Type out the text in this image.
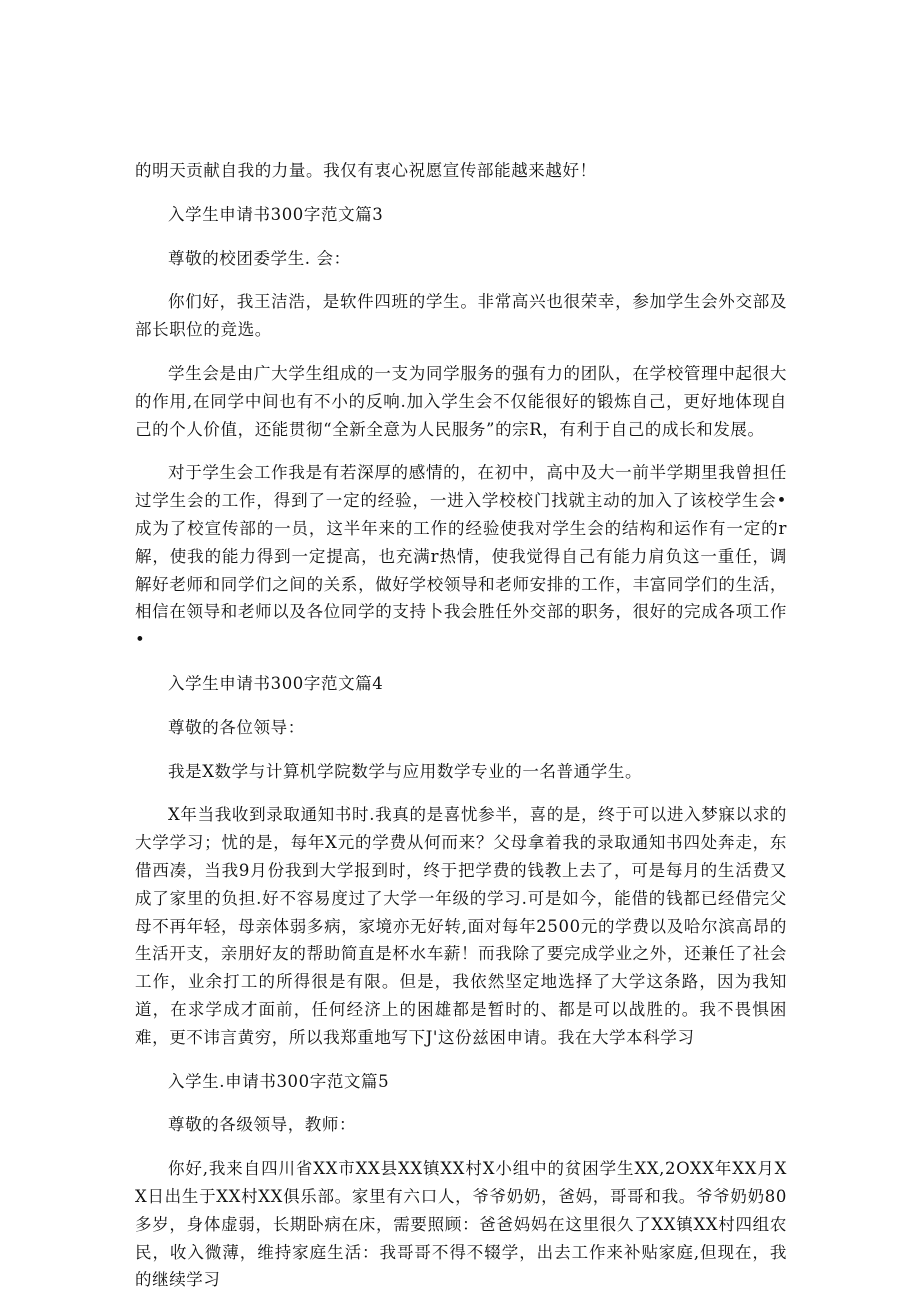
的明天贡献自我的力量。我仅有衷心祝愿宣传部能越来越好！

入学生申请书300字范文篇3

尊敬的校团委学生. 会：

你们好，我王洁浩，是软件四班的学生。非常高兴也很荣幸，参加学生会外交部及部长职位的竞选。

学生会是由广大学生组成的一支为同学服务的强有力的团队，在学校管理中起很大的作用,在同学中间也有不小的反响.加入学生会不仅能很好的锻炼自己，更好地体现自己的个人价值，还能贯彻“全新全意为人民服务”的宗R，有利于自己的成长和发展。

对于学生会工作我是有若深厚的感情的，在初中，高中及大一前半学期里我曾担任过学生会的工作，得到了一定的经验，一进入学校校门找就主动的加入了该校学生会•成为了校宣传部的一员，这半年来的工作的经验使我对学生会的结构和运作有一定的r解，使我的能力得到一定提高，也充满r热情，使我觉得自己有能力肩负这一重任，调解好老师和同学们之间的关系，做好学校领导和老师安排的工作，丰富同学们的生活，相信在领导和老师以及各位同学的支持卜我会胜任外交部的职务，很好的完成各项工作•

入学生申请书300字范文篇4

尊敬的各位领导：

我是X数学与计算机学院数学与应用数学专业的一名普通学生。

X年当我收到录取通知书时.我真的是喜忧参半，喜的是，终于可以进入梦寐以求的大学学习；忧的是，每年X元的学费从何而来？父母拿着我的录取通知书四处奔走，东借西凑，当我9月份我到大学报到时，终于把学费的钱教上去了，可是每月的生活费又成了家里的负担.好不容易度过了大学一年级的学习.可是如今，能借的钱都已经借完父母不再年轻，母亲体弱多病，家境亦无好转,面对每年2500元的学费以及哈尔滨高昂的生活开支，亲朋好友的帮助简直是杯水车薪！而我除了要完成学业之外，还兼任了社会工作，业余打工的所得很是有限。但是，我依然坚定地选择了大学这条路，因为我知道，在求学成才面前，任何经济上的困雄都是暂时的、都是可以战胜的。我不畏惧困难，更不讳言黄穷，所以我郑重地写下J'这份兹困申请。我在大学本科学习

入学生.申请书300字范文篇5

尊敬的各级领导，教师：

你好,我来自四川省XX市XX县XX镇XX村X小组中的贫困学生XX,2OXX年XX月XX日出生于XX村XX俱乐部。家里有六口人，爷爷奶奶，爸妈，哥哥和我。爷爷奶奶80多岁，身体虚弱，长期卧病在床，需要照顾：爸爸妈妈在这里很久了XX镇XX村四组农民，收入微薄，维持家庭生活：我哥哥不得不辍学，出去工作来补贴家庭,但现在，我的继续学习
